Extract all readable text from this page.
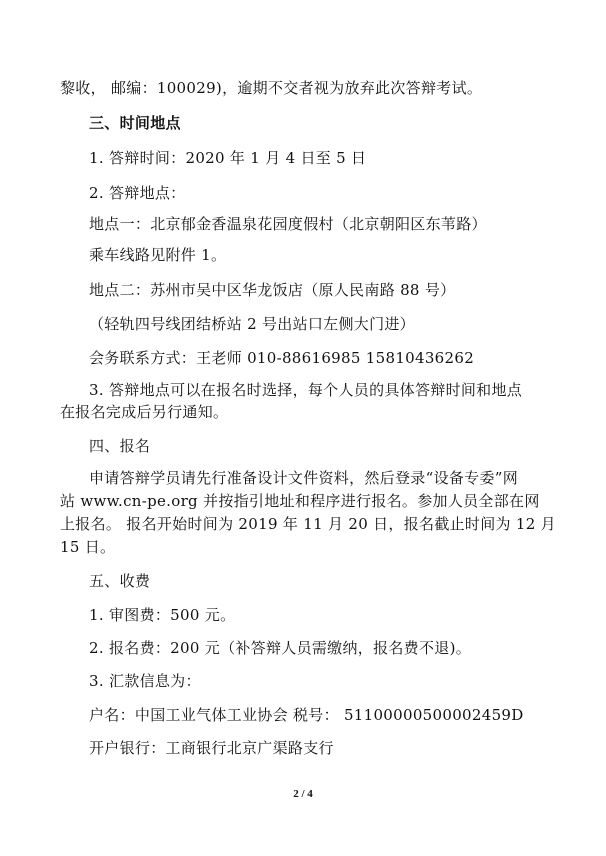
黎收， 邮编：100029)，逾期不交者视为放弃此次答辩考试。
三、时间地点
1. 答辩时间：2020 年 1 月 4 日至 5 日
2. 答辩地点：
地点一：北京郁金香温泉花园度假村（北京朝阳区东苇路）
乘车线路见附件 1。
地点二：苏州市吴中区华龙饭店（原人民南路 88 号）
（轻轨四号线团结桥站 2 号出站口左侧大门进）
会务联系方式：王老师 010-88616985 15810436262
3. 答辩地点可以在报名时选择，每个人员的具体答辩时间和地点
在报名完成后另行通知。
四、报名
申请答辩学员请先行准备设计文件资料，然后登录“设备专委”网
站 www.cn-pe.org 并按指引地址和程序进行报名。参加人员全部在网
上报名。 报名开始时间为 2019 年 11 月 20 日，报名截止时间为 12 月
15 日。
五、收费
1. 审图费：500 元。
2. 报名费：200 元（补答辩人员需缴纳，报名费不退)。
3. 汇款信息为：
户名：中国工业气体工业协会 税号： 51100000500002459D
开户银行：工商银行北京广渠路支行
2 / 4
